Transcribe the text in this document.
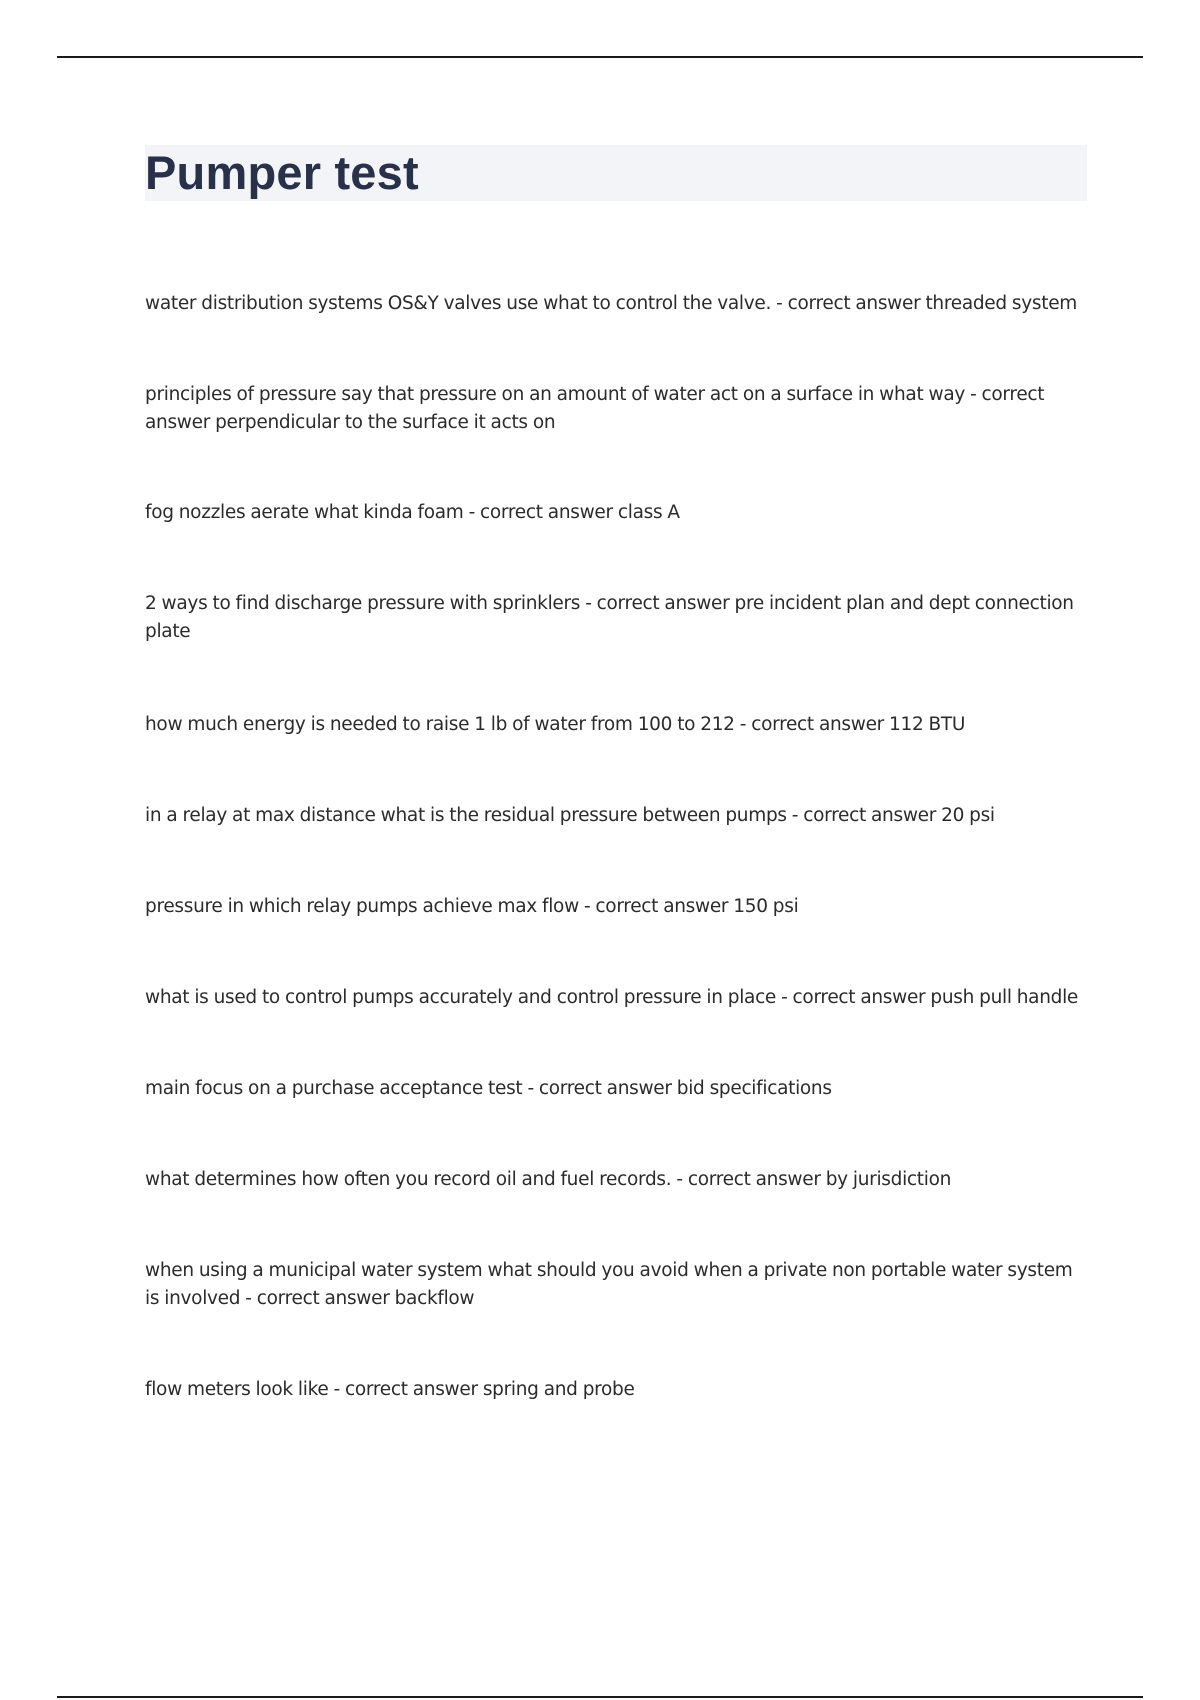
Pumper test
water distribution systems OS&Y valves use what to control the valve. - correct answer threaded system
principles of pressure say that pressure on an amount of water act on a surface in what way - correct answer perpendicular to the surface it acts on
fog nozzles aerate what kinda foam - correct answer class A
2 ways to find discharge pressure with sprinklers - correct answer pre incident plan and dept connection plate
how much energy is needed to raise 1 lb of water from 100 to 212 - correct answer 112 BTU
in a relay at max distance what is the residual pressure between pumps - correct answer 20 psi
pressure in which relay pumps achieve max flow - correct answer 150 psi
what is used to control pumps accurately and control pressure in place - correct answer push pull handle
main focus on a purchase acceptance test - correct answer bid specifications
what determines how often you record oil and fuel records. - correct answer by jurisdiction
when using a municipal water system what should you avoid when a private non portable water system is involved - correct answer backflow
flow meters look like - correct answer spring and probe
